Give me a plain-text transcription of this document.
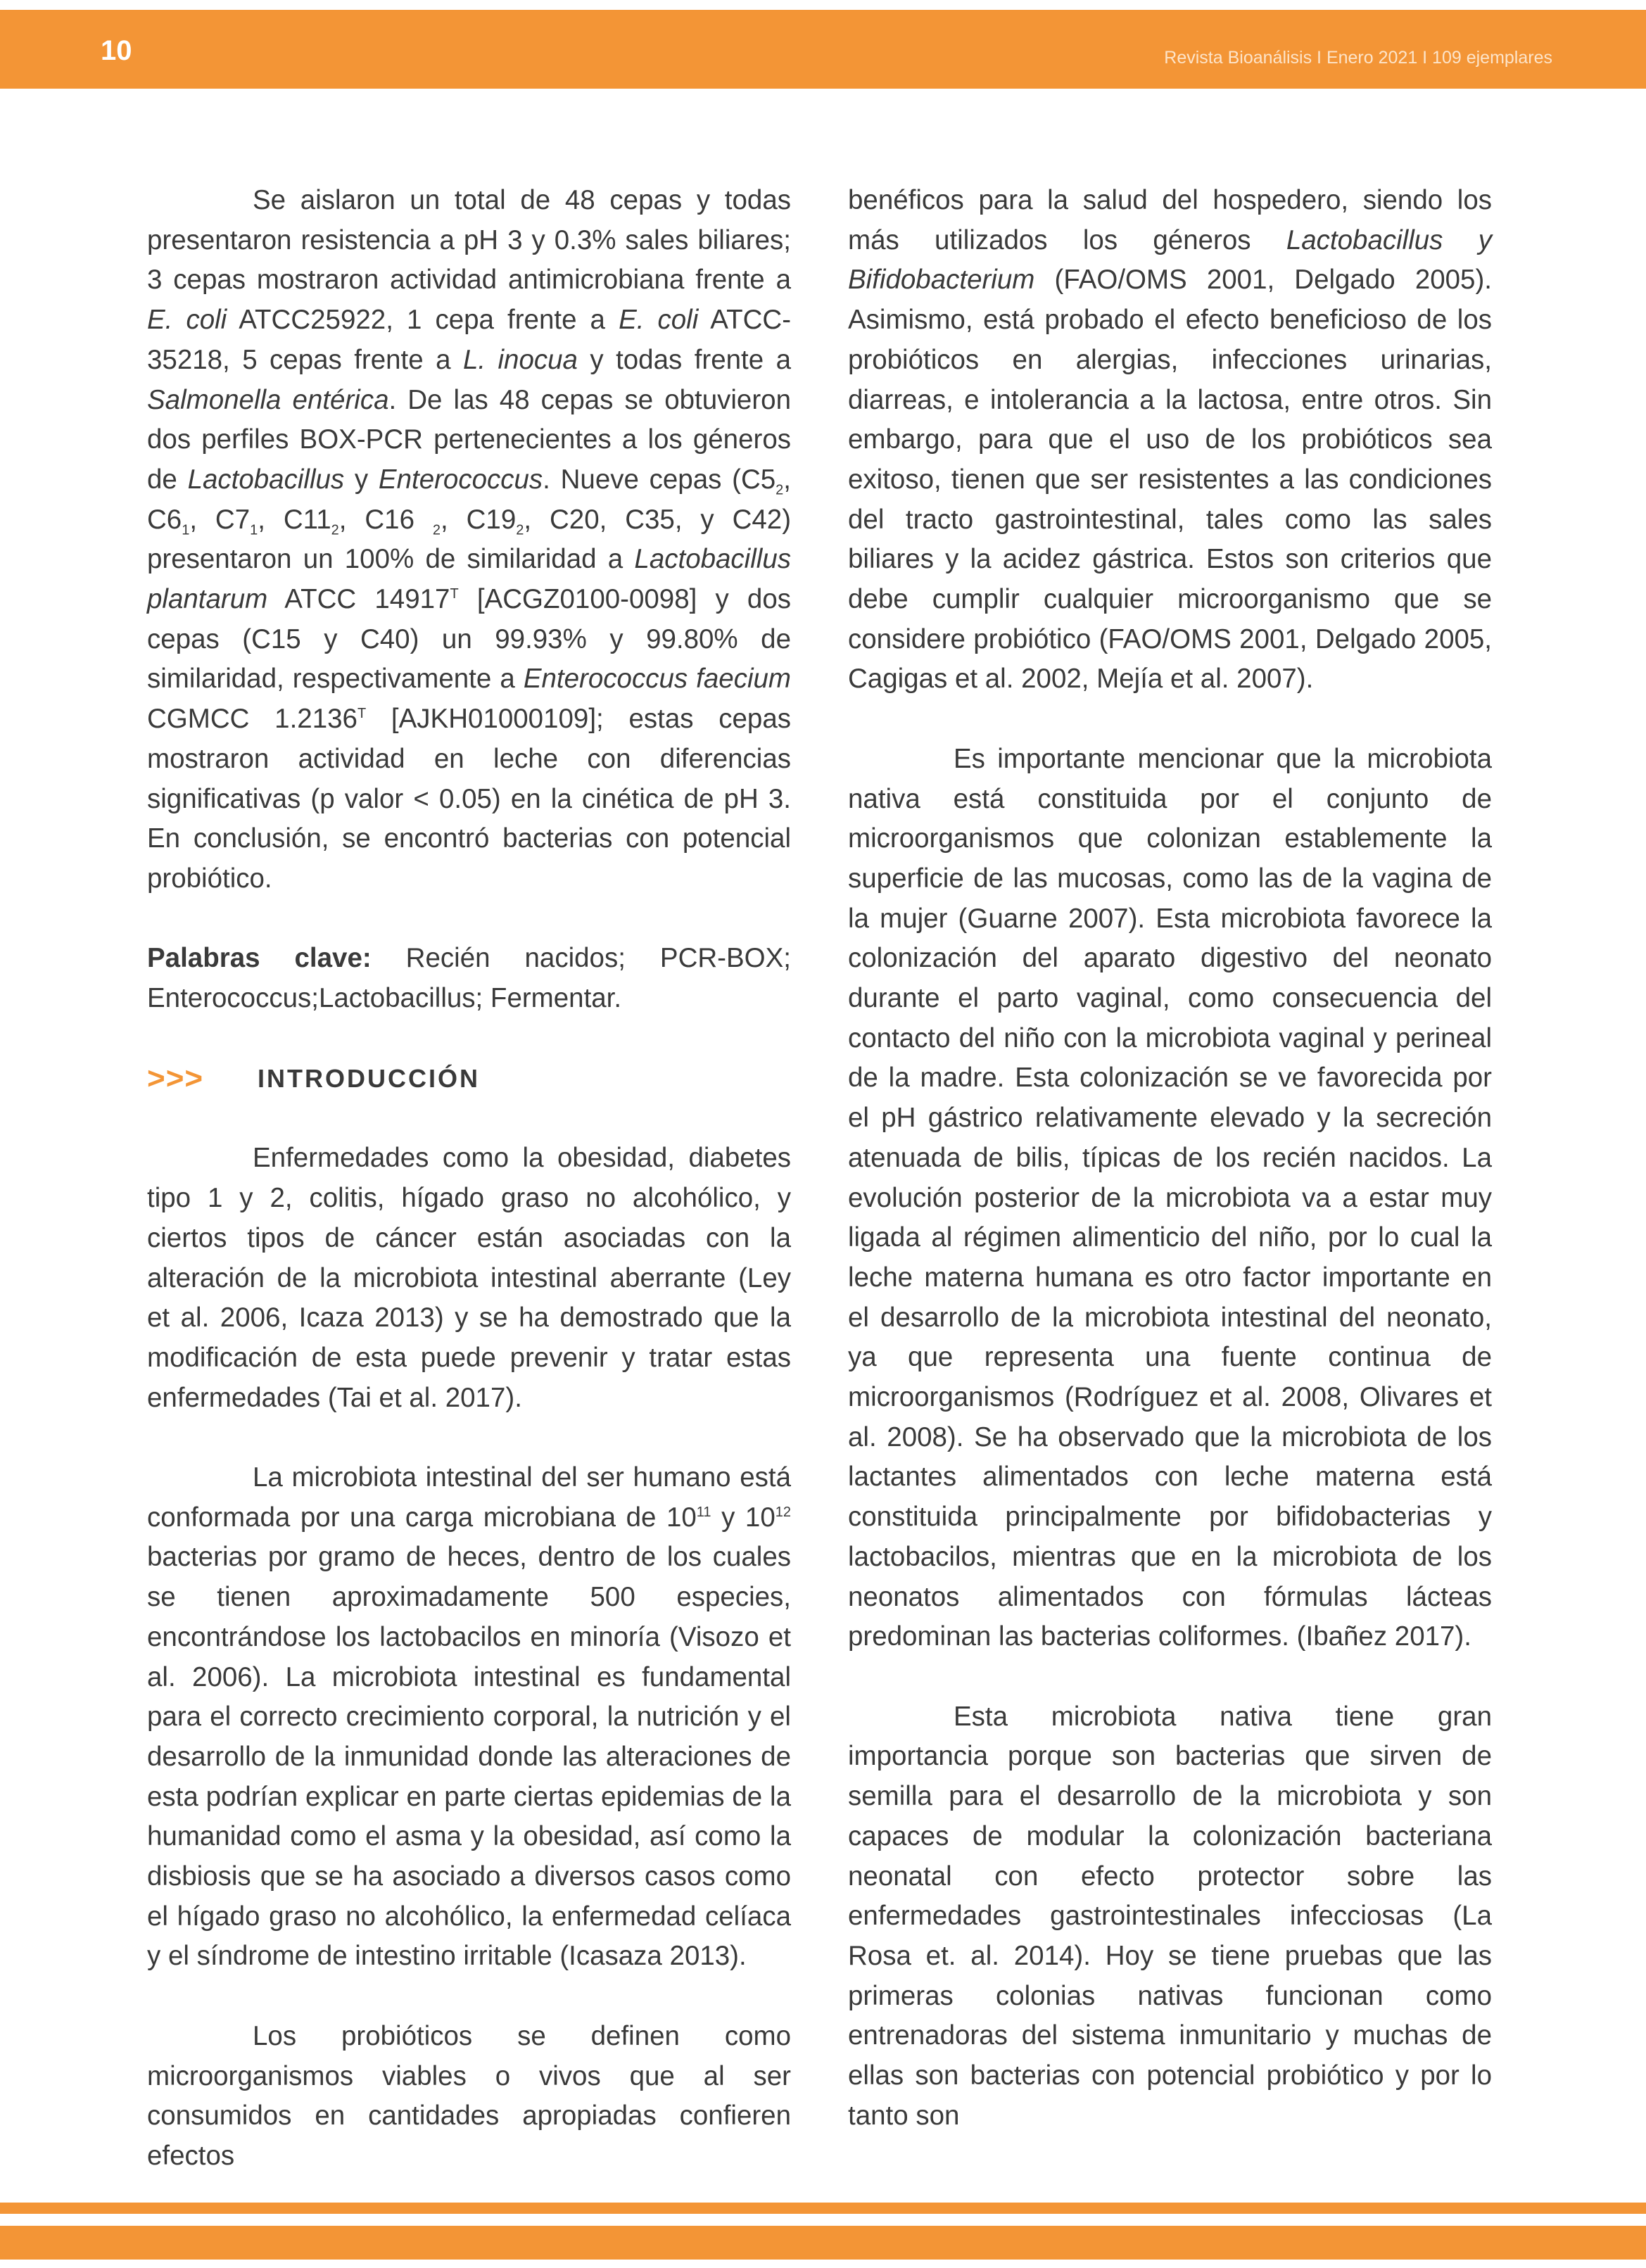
10	Revista Bioanálisis I Enero 2021 I 109 ejemplares

Se aislaron un total de 48 cepas y todas presentaron resistencia a pH 3 y 0.3% sales biliares; 3 cepas mostraron actividad antimicrobiana frente a E. coli ATCC25922, 1 cepa frente a E. coli ATCC-35218, 5 cepas frente a L. inocua y todas frente a Salmonella entérica. De las 48 cepas se obtuvieron dos perfiles BOX-PCR pertenecientes a los géneros de Lactobacillus y Enterococcus. Nueve cepas ($C5_2$, $C6_1$, $C7_1$, $C11_2$, C16 $_2$, $C19_2$, C20, C35, y C42) presentaron un 100% de similaridad a Lactobacillus plantarum ATCC $14917^T$ [ACGZ0100-0098] y dos cepas (C15 y C40) un 99.93% y 99.80% de similaridad, respectivamente a Enterococcus faecium CGMCC $1.2136^T$ [AJKH01000109]; estas cepas mostraron actividad en leche con diferencias significativas (p valor < 0.05) en la cinética de pH 3. En conclusión, se encontró bacterias con potencial probiótico.

Palabras clave: Recién nacidos; PCR-BOX; Enterococcus;Lactobacillus; Fermentar.

>>>	INTRODUCCIÓN

Enfermedades como la obesidad, diabetes tipo 1 y 2, colitis, hígado graso no alcohólico, y ciertos tipos de cáncer están asociadas con la alteración de la microbiota intestinal aberrante (Ley et al. 2006, Icaza 2013) y se ha demostrado que la modificación de esta puede prevenir y tratar estas enfermedades (Tai et al. 2017).

La microbiota intestinal del ser humano está conformada por una carga microbiana de $10^{11}$ y $10^{12}$ bacterias por gramo de heces, dentro de los cuales se tienen aproximadamente 500 especies, encontrándose los lactobacilos en minoría (Visozo et al. 2006). La microbiota intestinal es fundamental para el correcto crecimiento corporal, la nutrición y el desarrollo de la inmunidad donde las alteraciones de esta podrían explicar en parte ciertas epidemias de la humanidad como el asma y la obesidad, así como la disbiosis que se ha asociado a diversos casos como el hígado graso no alcohólico, la enfermedad celíaca y el síndrome de intestino irritable (Icasaza 2013).

Los probióticos se definen como microorganismos viables o vivos que al ser consumidos en cantidades apropiadas confieren efectos

benéficos para la salud del hospedero, siendo los más utilizados los géneros Lactobacillus y Bifidobacterium (FAO/OMS 2001, Delgado 2005). Asimismo, está probado el efecto beneficioso de los probióticos en alergias, infecciones urinarias, diarreas, e intolerancia a la lactosa, entre otros. Sin embargo, para que el uso de los probióticos sea exitoso, tienen que ser resistentes a las condiciones del tracto gastrointestinal, tales como las sales biliares y la acidez gástrica. Estos son criterios que debe cumplir cualquier microorganismo que se considere probiótico (FAO/OMS 2001, Delgado 2005, Cagigas et al. 2002, Mejía et al. 2007).

Es importante mencionar que la microbiota nativa está constituida por el conjunto de microorganismos que colonizan establemente la superficie de las mucosas, como las de la vagina de la mujer (Guarne 2007). Esta microbiota favorece la colonización del aparato digestivo del neonato durante el parto vaginal, como consecuencia del contacto del niño con la microbiota vaginal y perineal de la madre. Esta colonización se ve favorecida por el pH gástrico relativamente elevado y la secreción atenuada de bilis, típicas de los recién nacidos. La evolución posterior de la microbiota va a estar muy ligada al régimen alimenticio del niño, por lo cual la leche materna humana es otro factor importante en el desarrollo de la microbiota intestinal del neonato, ya que representa una fuente continua de microorganismos (Rodríguez et al. 2008, Olivares et al. 2008). Se ha observado que la microbiota de los lactantes alimentados con leche materna está constituida principalmente por bifidobacterias y lactobacilos, mientras que en la microbiota de los neonatos alimentados con fórmulas lácteas predominan las bacterias coliformes. (Ibañez 2017).

Esta microbiota nativa tiene gran importancia porque son bacterias que sirven de semilla para el desarrollo de la microbiota y son capaces de modular la colonización bacteriana neonatal con efecto protector sobre las enfermedades gastrointestinales infecciosas (La Rosa et. al. 2014). Hoy se tiene pruebas que las primeras colonias nativas funcionan como entrenadoras del sistema inmunitario y muchas de ellas son bacterias con potencial probiótico y por lo tanto son
